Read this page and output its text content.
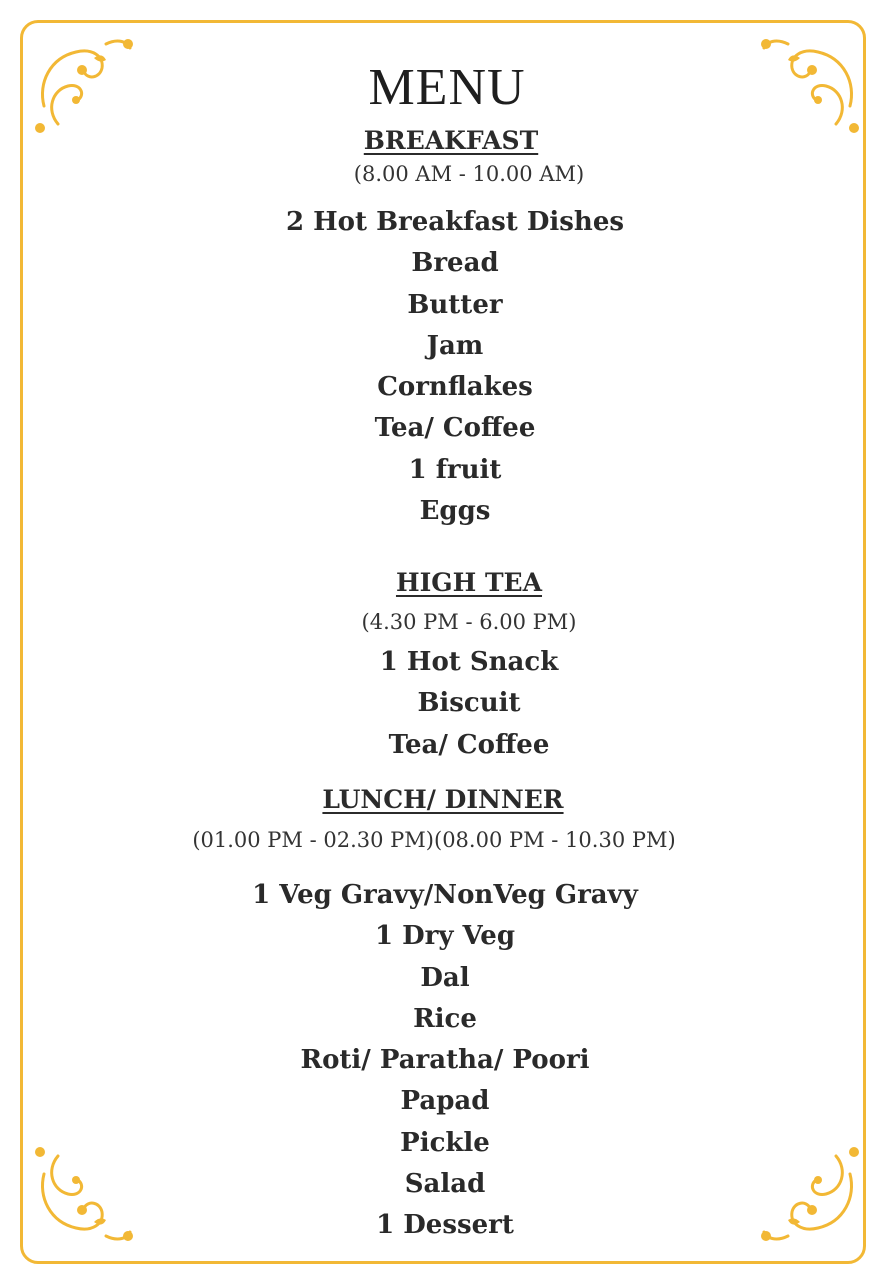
MENU
BREAKFAST
(8.00 AM - 10.00 AM)
2 Hot Breakfast Dishes
Bread
Butter
Jam
Cornflakes
Tea/ Coffee
1 fruit
Eggs
HIGH TEA
(4.30 PM - 6.00 PM)
1 Hot Snack
Biscuit
Tea/ Coffee
LUNCH/ DINNER
(01.00 PM - 02.30 PM)(08.00 PM - 10.30 PM)
1 Veg Gravy/NonVeg Gravy
1 Dry Veg
Dal
Rice
Roti/ Paratha/ Poori
Papad
Pickle
Salad
1 Dessert
